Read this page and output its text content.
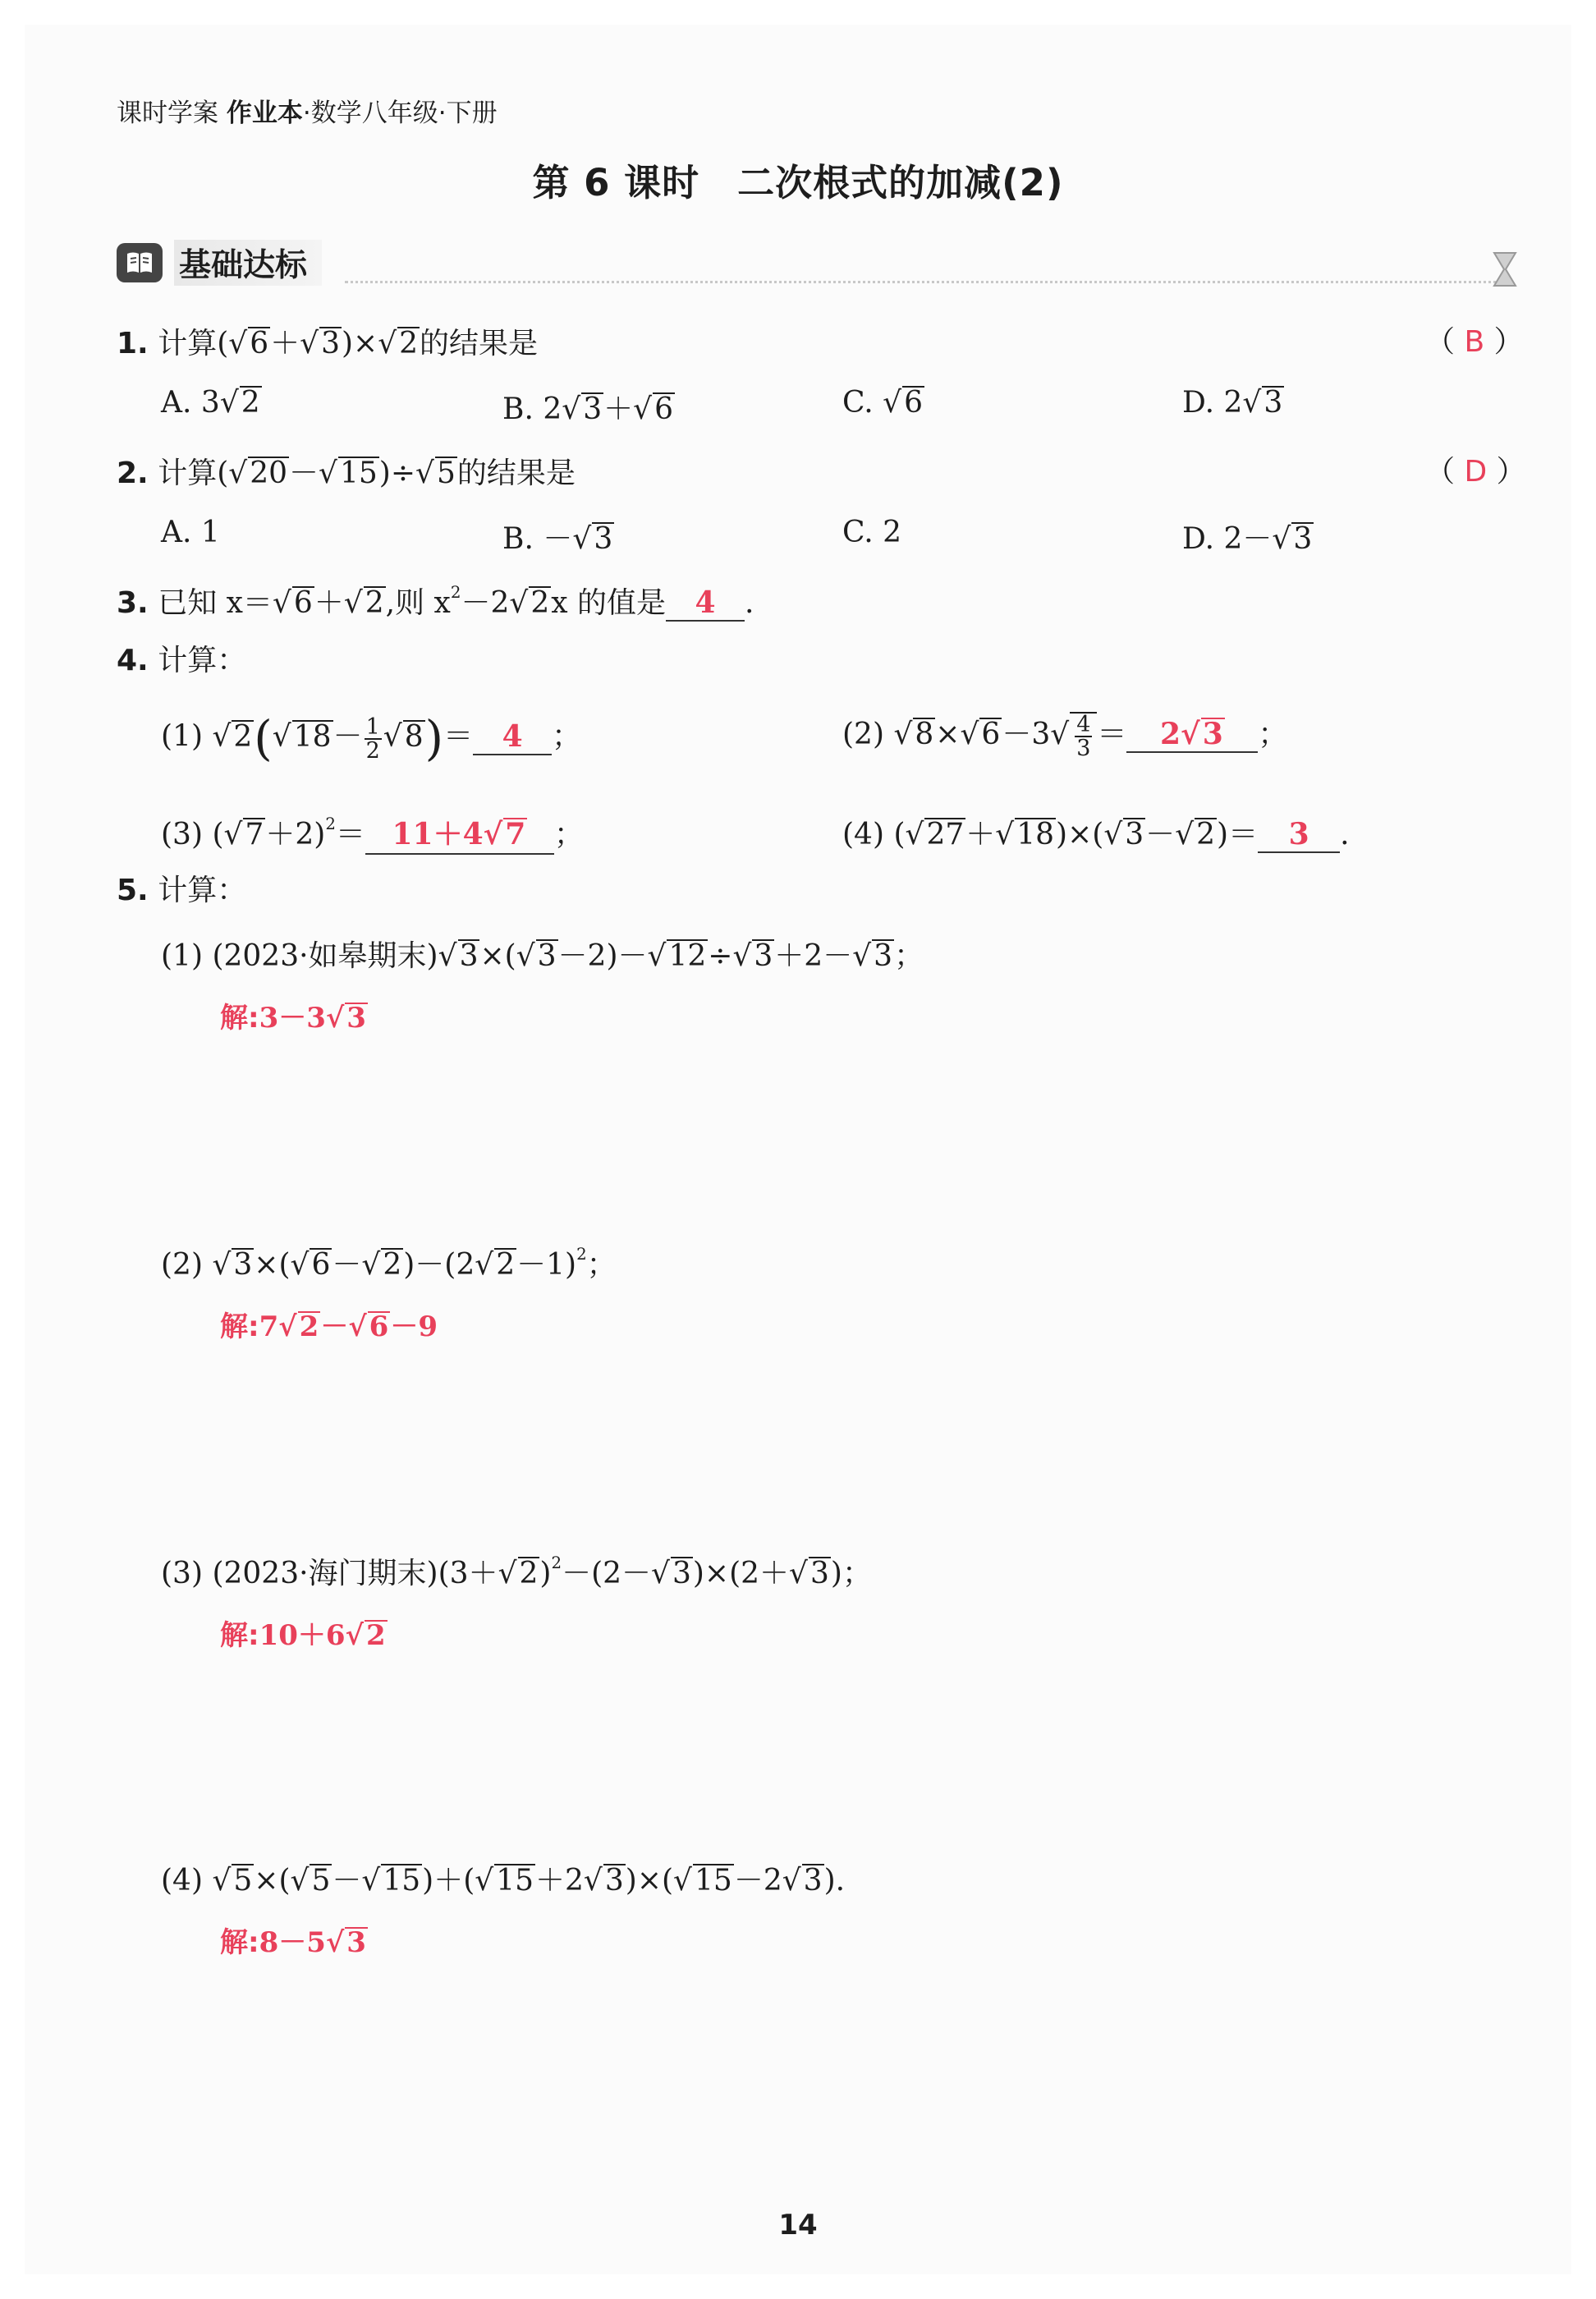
课时学案 作业本·数学八年级·下册
第 6 课时　二次根式的加减(2)
基础达标
1. 计算(√6＋√3)×√2的结果是	（ B ）
A. 3√2	B. 2√3＋√6	C. √6	D. 2√3
2. 计算(√20－√15)÷√5的结果是	（ D ）
A. 1	B. －√3	C. 2	D. 2－√3
3. 已知 x＝√6＋√2,则 $x^2-2√2x$ 的值是 4 .
4. 计算：
(1) $√2(√18- \frac{1}{2} √8)= 4$ ；	(2) $√8\times√6-3√ \frac{4}{3} = 2√3$ ；
(3) $(√7+2)^2= 11+4√7$ ；	(4) (√27＋√18)×(√3－√2)＝ 3 .
5. 计算：
(1) (2023·如皋期末)√3×(√3－2)－√12÷√3＋2－√3；
解:3－3√3
(2) $√3\times(√6-√2)-(2√2-1)^2$；
解:7√2－√6－9
(3) (2023·海门期末)$(3+√2)^2-(2-√3)\times(2+√3)$；
解:10＋6√2
(4) √5×(√5－√15)＋(√15＋2√3)×(√15－2√3).
解:8－5√3
14
